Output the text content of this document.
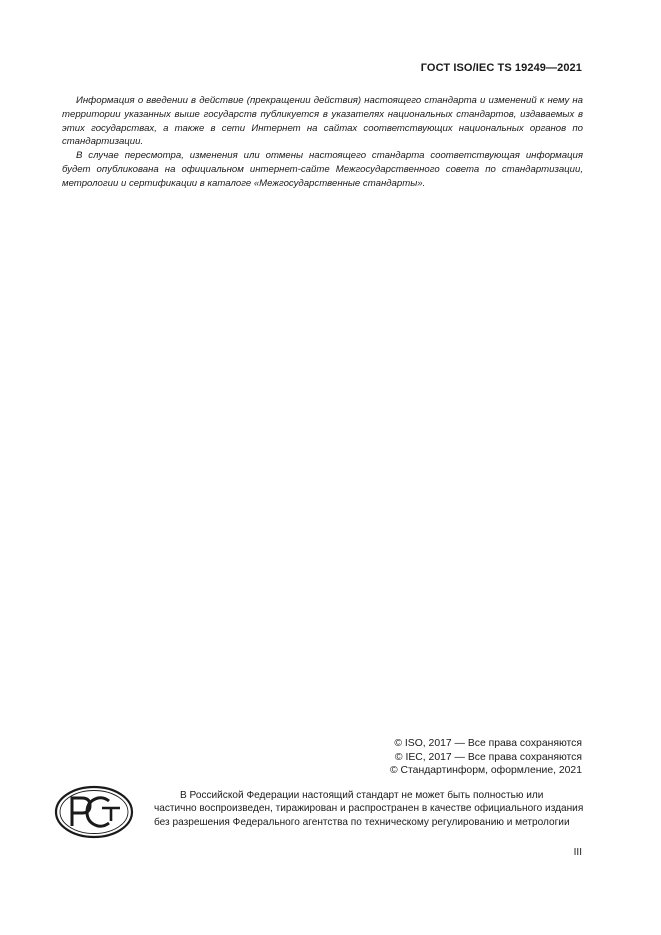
ГОСТ ISO/IEC TS 19249—2021

Информация о введении в действие (прекращении действия) настоящего стандарта и изменений к нему на территории указанных выше государств публикуется в указателях национальных стандартов, издаваемых в этих государствах, а также в сети Интернет на сайтах соответствующих национальных органов по стандартизации.

В случае пересмотра, изменения или отмены настоящего стандарта соответствующая информация будет опубликована на официальном интернет-сайте Межгосударственного совета по стандартизации, метрологии и сертификации в каталоге «Межгосударственные стандарты».

© ISO, 2017 — Все права сохраняются
© IEC, 2017 — Все права сохраняются
© Стандартинформ, оформление, 2021
В Российской Федерации настоящий стандарт не может быть полностью или частично воспроизведен, тиражирован и распространен в качестве официального издания без разрешения Федерального агентства по техническому регулированию и метрологии
III
